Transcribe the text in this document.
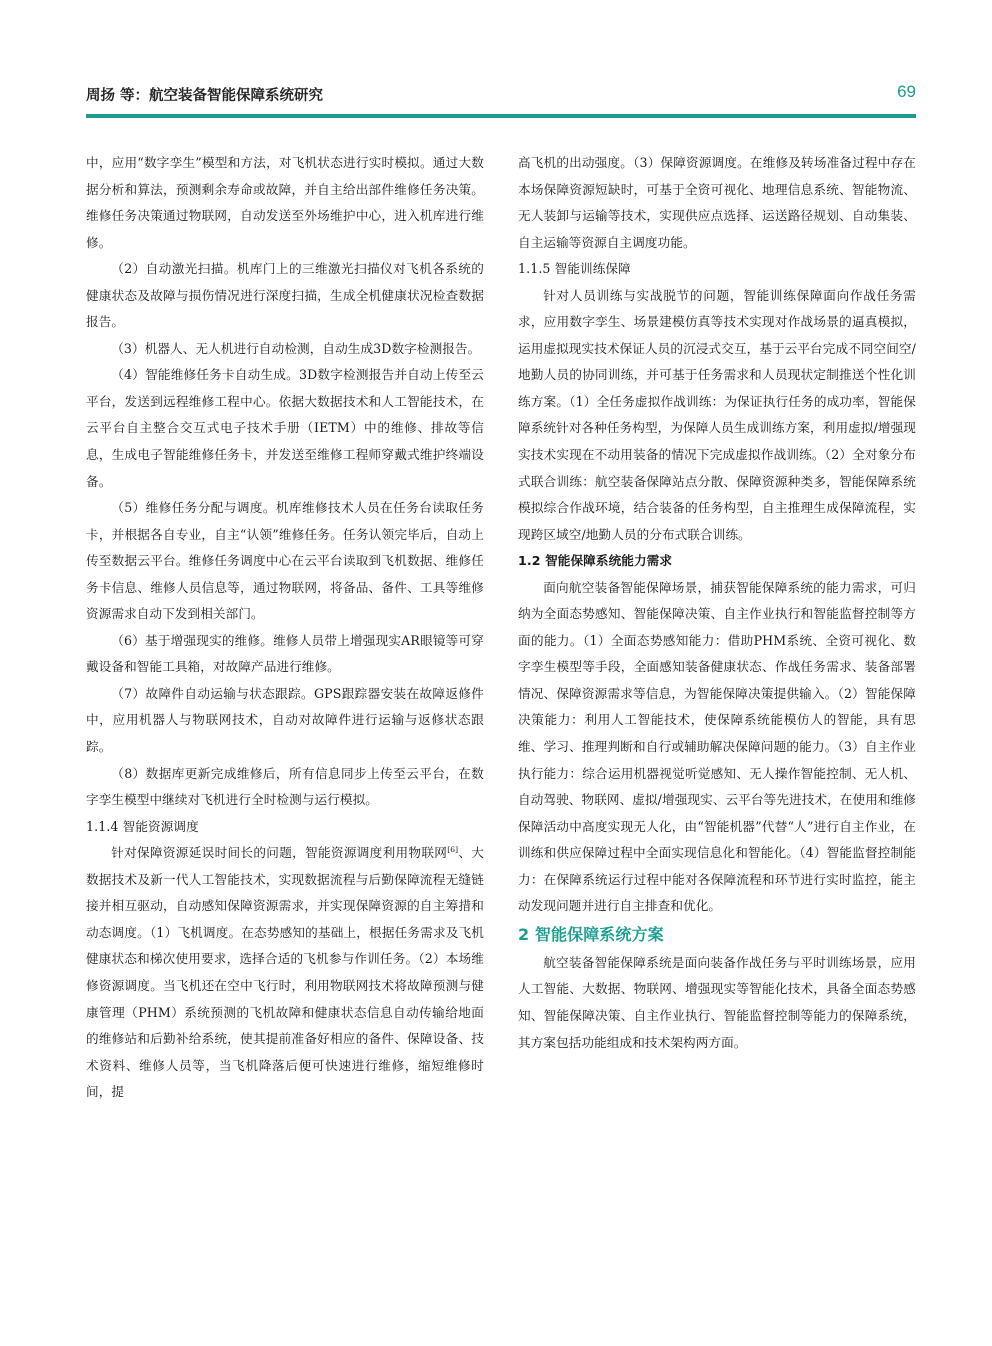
周扬 等：航空装备智能保障系统研究	69

中，应用“数字孪生”模型和方法，对飞机状态进行实时模拟。通过大数据分析和算法，预测剩余寿命或故障，并自主给出部件维修任务决策。维修任务决策通过物联网，自动发送至外场维护中心，进入机库进行维修。

（2）自动激光扫描。机库门上的三维激光扫描仪对飞机各系统的健康状态及故障与损伤情况进行深度扫描，生成全机健康状况检查数据报告。

（3）机器人、无人机进行自动检测，自动生成3D数字检测报告。

（4）智能维修任务卡自动生成。3D数字检测报告并自动上传至云平台，发送到远程维修工程中心。依据大数据技术和人工智能技术，在云平台自主整合交互式电子技术手册（IETM）中的维修、排故等信息，生成电子智能维修任务卡，并发送至维修工程师穿戴式维护终端设备。

（5）维修任务分配与调度。机库维修技术人员在任务台读取任务卡，并根据各自专业，自主“认领”维修任务。任务认领完毕后，自动上传至数据云平台。维修任务调度中心在云平台读取到飞机数据、维修任务卡信息、维修人员信息等，通过物联网，将备品、备件、工具等维修资源需求自动下发到相关部门。

（6）基于增强现实的维修。维修人员带上增强现实AR眼镜等可穿戴设备和智能工具箱，对故障产品进行维修。

（7）故障件自动运输与状态跟踪。GPS跟踪器安装在故障返修件中，应用机器人与物联网技术，自动对故障件进行运输与返修状态跟踪。

（8）数据库更新完成维修后，所有信息同步上传至云平台，在数字孪生模型中继续对飞机进行全时检测与运行模拟。

1.1.4 智能资源调度

针对保障资源延误时间长的问题，智能资源调度利用物联网[6]、大数据技术及新一代人工智能技术，实现数据流程与后勤保障流程无缝链接并相互驱动，自动感知保障资源需求，并实现保障资源的自主筹措和动态调度。（1）飞机调度。在态势感知的基础上，根据任务需求及飞机健康状态和梯次使用要求，选择合适的飞机参与作训任务。（2）本场维修资源调度。当飞机还在空中飞行时，利用物联网技术将故障预测与健康管理（PHM）系统预测的飞机故障和健康状态信息自动传输给地面的维修站和后勤补给系统，使其提前准备好相应的备件、保障设备、技术资料、维修人员等，当飞机降落后便可快速进行维修，缩短维修时间，提

高飞机的出动强度。（3）保障资源调度。在维修及转场准备过程中存在本场保障资源短缺时，可基于全资可视化、地理信息系统、智能物流、无人装卸与运输等技术，实现供应点选择、运送路径规划、自动集装、自主运输等资源自主调度功能。

1.1.5 智能训练保障

针对人员训练与实战脱节的问题，智能训练保障面向作战任务需求，应用数字孪生、场景建模仿真等技术实现对作战场景的逼真模拟，运用虚拟现实技术保证人员的沉浸式交互，基于云平台完成不同空间空/地勤人员的协同训练，并可基于任务需求和人员现状定制推送个性化训练方案。（1）全任务虚拟作战训练：为保证执行任务的成功率，智能保障系统针对各种任务构型，为保障人员生成训练方案，利用虚拟/增强现实技术实现在不动用装备的情况下完成虚拟作战训练。（2）全对象分布式联合训练：航空装备保障站点分散、保障资源种类多，智能保障系统模拟综合作战环境，结合装备的任务构型，自主推理生成保障流程，实现跨区域空/地勤人员的分布式联合训练。

1.2 智能保障系统能力需求

面向航空装备智能保障场景，捕获智能保障系统的能力需求，可归纳为全面态势感知、智能保障决策、自主作业执行和智能监督控制等方面的能力。（1）全面态势感知能力：借助PHM系统、全资可视化、数字孪生模型等手段，全面感知装备健康状态、作战任务需求、装备部署情况、保障资源需求等信息，为智能保障决策提供输入。（2）智能保障决策能力：利用人工智能技术，使保障系统能模仿人的智能，具有思维、学习、推理判断和自行或辅助解决保障问题的能力。（3）自主作业执行能力：综合运用机器视觉听觉感知、无人操作智能控制、无人机、自动驾驶、物联网、虚拟/增强现实、云平台等先进技术，在使用和维修保障活动中高度实现无人化，由“智能机器”代替“人”进行自主作业，在训练和供应保障过程中全面实现信息化和智能化。（4）智能监督控制能力：在保障系统运行过程中能对各保障流程和环节进行实时监控，能主动发现问题并进行自主排查和优化。

2 智能保障系统方案

航空装备智能保障系统是面向装备作战任务与平时训练场景，应用人工智能、大数据、物联网、增强现实等智能化技术，具备全面态势感知、智能保障决策、自主作业执行、智能监督控制等能力的保障系统，其方案包括功能组成和技术架构两方面。
